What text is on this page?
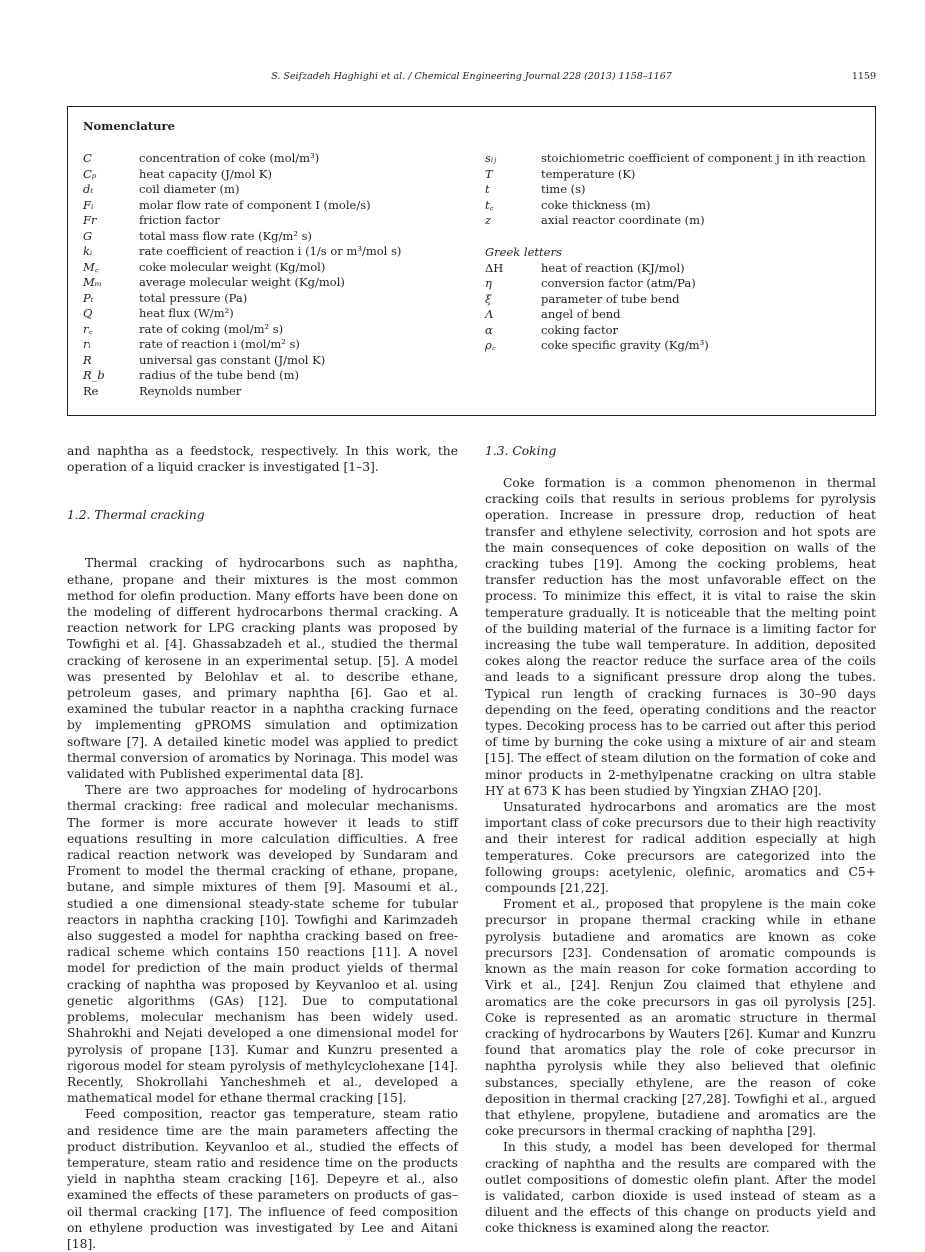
S. Seifzadeh Haghighi et al. / Chemical Engineering Journal 228 (2013) 1158–1167	1159
Nomenclature
C	concentration of coke (mol/m³)
Cₚ	heat capacity (J/mol K)
dₜ	coil diameter (m)
Fᵢ	molar flow rate of component I (mole/s)
Fr	friction factor
G	total mass flow rate (Kg/m² s)
kᵢ	rate coefficient of reaction i (1/s or m³/mol s)
M꜀	coke molecular weight (Kg/mol)
Mₘ	average molecular weight (Kg/mol)
Pₜ	total pressure (Pa)
Q	heat flux (W/m²)
r꜀	rate of coking (mol/m² s)
rᵢ	rate of reaction i (mol/m² s)
R	universal gas constant (J/mol K)
R_b	radius of the tube bend (m)
Re	Reynolds number
sᵢⱼ	stoichiometric coefficient of component j in ith reaction
T	temperature (K)
t	time (s)
t꜀	coke thickness (m)
z	axial reactor coordinate (m)
Greek letters
ΔH	heat of reaction (KJ/mol)
η	conversion factor (atm/Pa)
ξ	parameter of tube bend
Λ	angel of bend
α	coking factor
ρ꜀	coke specific gravity (Kg/m³)

and naphtha as a feedstock, respectively. In this work, the operation of a liquid cracker is investigated [1–3].

1.2. Thermal cracking

Thermal cracking of hydrocarbons such as naphtha, ethane, propane and their mixtures is the most common method for olefin production. Many efforts have been done on the modeling of different hydrocarbons thermal cracking. A reaction network for LPG cracking plants was proposed by Towfighi et al. [4]. Ghassabzadeh et al., studied the thermal cracking of kerosene in an experimental setup. [5]. A model was presented by Belohlav et al. to describe ethane, petroleum gases, and primary naphtha [6]. Gao et al. examined the tubular reactor in a naphtha cracking furnace by implementing gPROMS simulation and optimization software [7]. A detailed kinetic model was applied to predict thermal conversion of aromatics by Norinaga. This model was validated with Published experimental data [8].

There are two approaches for modeling of hydrocarbons thermal cracking: free radical and molecular mechanisms. The former is more accurate however it leads to stiff equations resulting in more calculation difficulties. A free radical reaction network was developed by Sundaram and Froment to model the thermal cracking of ethane, propane, butane, and simple mixtures of them [9]. Masoumi et al., studied a one dimensional steady-state scheme for tubular reactors in naphtha cracking [10]. Towfighi and Karimzadeh also suggested a model for naphtha cracking based on free-radical scheme which contains 150 reactions [11]. A novel model for prediction of the main product yields of thermal cracking of naphtha was proposed by Keyvanloo et al. using genetic algorithms (GAs) [12]. Due to computational problems, molecular mechanism has been widely used. Shahrokhi and Nejati developed a one dimensional model for pyrolysis of propane [13]. Kumar and Kunzru presented a rigorous model for steam pyrolysis of methylcyclohexane [14]. Recently, Shokrollahi Yancheshmeh et al., developed a mathematical model for ethane thermal cracking [15].

Feed composition, reactor gas temperature, steam ratio and residence time are the main parameters affecting the product distribution. Keyvanloo et al., studied the effects of temperature, steam ratio and residence time on the products yield in naphtha steam cracking [16]. Depeyre et al., also examined the effects of these parameters on products of gas–oil thermal cracking [17]. The influence of feed composition on ethylene production was investigated by Lee and Aitani [18].

1.3. Coking

Coke formation is a common phenomenon in thermal cracking coils that results in serious problems for pyrolysis operation. Increase in pressure drop, reduction of heat transfer and ethylene selectivity, corrosion and hot spots are the main consequences of coke deposition on walls of the cracking tubes [19]. Among the cocking problems, heat transfer reduction has the most unfavorable effect on the process. To minimize this effect, it is vital to raise the skin temperature gradually. It is noticeable that the melting point of the building material of the furnace is a limiting factor for increasing the tube wall temperature. In addition, deposited cokes along the reactor reduce the surface area of the coils and leads to a significant pressure drop along the tubes. Typical run length of cracking furnaces is 30–90 days depending on the feed, operating conditions and the reactor types. Decoking process has to be carried out after this period of time by burning the coke using a mixture of air and steam [15]. The effect of steam dilution on the formation of coke and minor products in 2-methylpenatne cracking on ultra stable HY at 673 K has been studied by Yingxian ZHAO [20].

Unsaturated hydrocarbons and aromatics are the most important class of coke precursors due to their high reactivity and their interest for radical addition especially at high temperatures. Coke precursors are categorized into the following groups: acetylenic, olefinic, aromatics and C5+ compounds [21,22].

Froment et al., proposed that propylene is the main coke precursor in propane thermal cracking while in ethane pyrolysis butadiene and aromatics are known as coke precursors [23]. Condensation of aromatic compounds is known as the main reason for coke formation according to Virk et al., [24]. Renjun Zou claimed that ethylene and aromatics are the coke precursors in gas oil pyrolysis [25]. Coke is represented as an aromatic structure in thermal cracking of hydrocarbons by Wauters [26]. Kumar and Kunzru found that aromatics play the role of coke precursor in naphtha pyrolysis while they also believed that olefinic substances, specially ethylene, are the reason of coke deposition in thermal cracking [27,28]. Towfighi et al., argued that ethylene, propylene, butadiene and aromatics are the coke precursors in thermal cracking of naphtha [29].

In this study, a model has been developed for thermal cracking of naphtha and the results are compared with the outlet compositions of domestic olefin plant. After the model is validated, carbon dioxide is used instead of steam as a diluent and the effects of this change on products yield and coke thickness is examined along the reactor.
